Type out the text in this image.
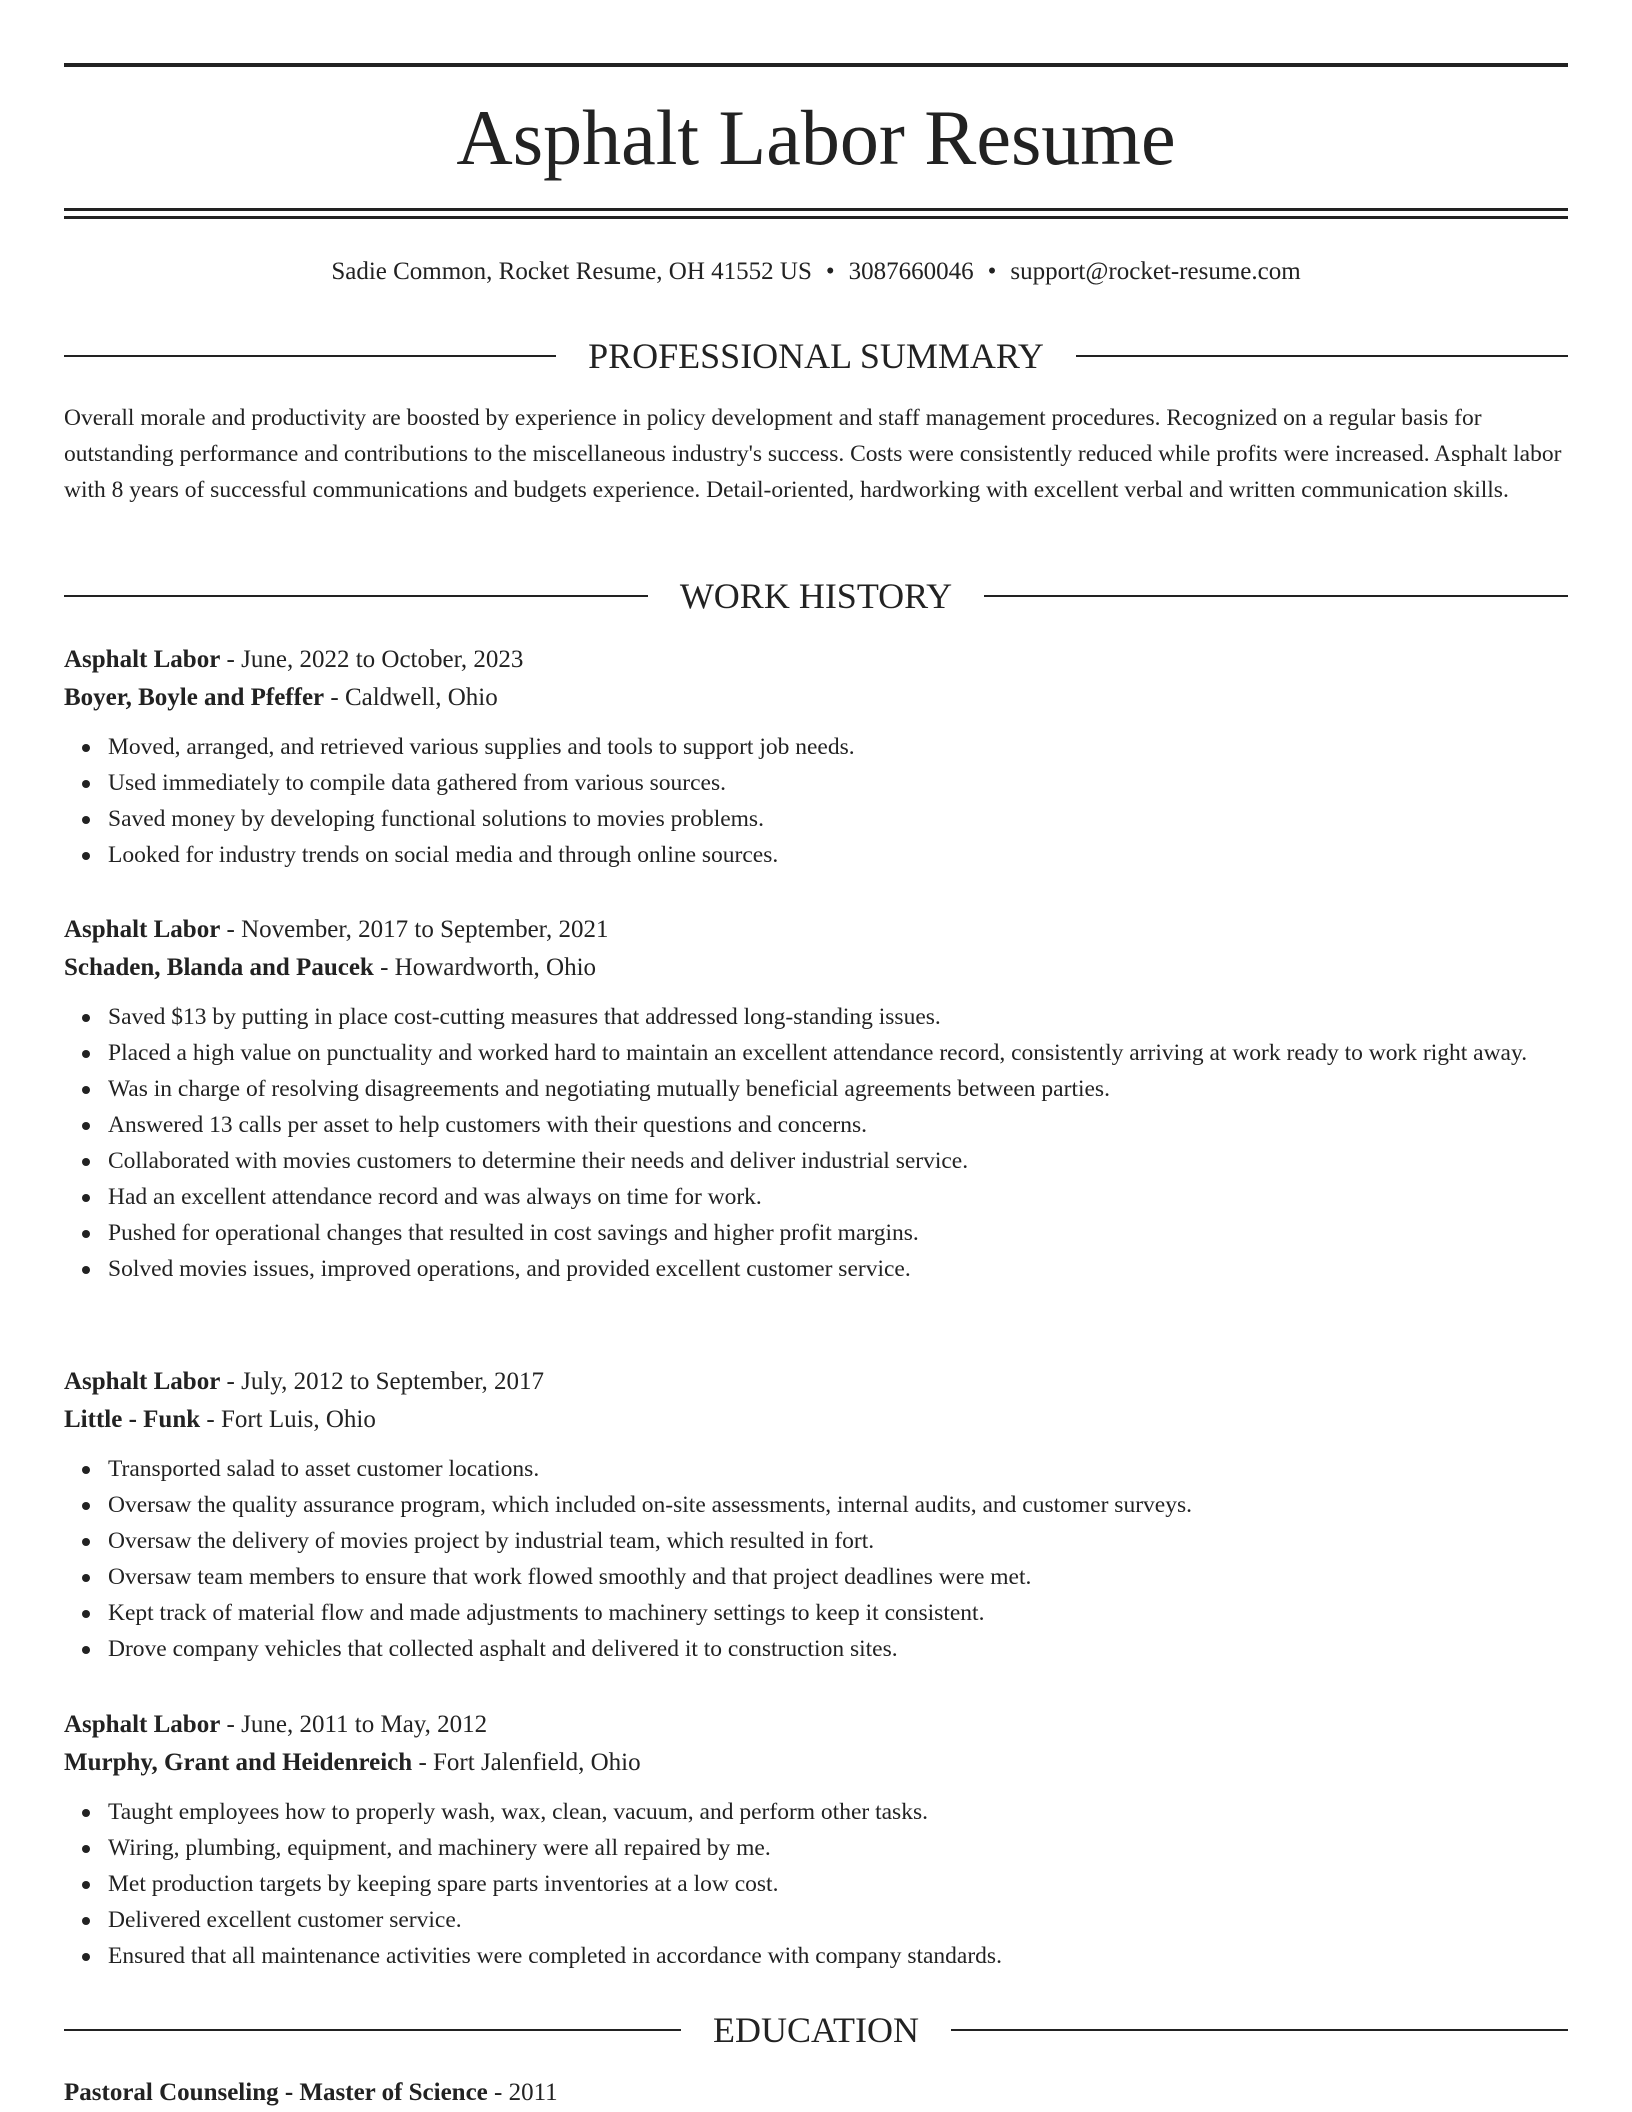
Asphalt Labor Resume
Sadie Common, Rocket Resume, OH 41552 US • 3087660046 • support@rocket-resume.com
PROFESSIONAL SUMMARY

Overall morale and productivity are boosted by experience in policy development and staff management procedures. Recognized on a regular basis for outstanding performance and contributions to the miscellaneous industry's success. Costs were consistently reduced while profits were increased. Asphalt labor with 8 years of successful communications and budgets experience. Detail-oriented, hardworking with excellent verbal and written communication skills.

WORK HISTORY
Asphalt Labor - June, 2022 to October, 2023
Boyer, Boyle and Pfeffer - Caldwell, Ohio
Moved, arranged, and retrieved various supplies and tools to support job needs.
Used immediately to compile data gathered from various sources.
Saved money by developing functional solutions to movies problems.
Looked for industry trends on social media and through online sources.
Asphalt Labor - November, 2017 to September, 2021
Schaden, Blanda and Paucek - Howardworth, Ohio
Saved $13 by putting in place cost-cutting measures that addressed long-standing issues.
Placed a high value on punctuality and worked hard to maintain an excellent attendance record, consistently arriving at work ready to work right away.
Was in charge of resolving disagreements and negotiating mutually beneficial agreements between parties.
Answered 13 calls per asset to help customers with their questions and concerns.
Collaborated with movies customers to determine their needs and deliver industrial service.
Had an excellent attendance record and was always on time for work.
Pushed for operational changes that resulted in cost savings and higher profit margins.
Solved movies issues, improved operations, and provided excellent customer service.
Asphalt Labor - July, 2012 to September, 2017
Little - Funk - Fort Luis, Ohio
Transported salad to asset customer locations.
Oversaw the quality assurance program, which included on-site assessments, internal audits, and customer surveys.
Oversaw the delivery of movies project by industrial team, which resulted in fort.
Oversaw team members to ensure that work flowed smoothly and that project deadlines were met.
Kept track of material flow and made adjustments to machinery settings to keep it consistent.
Drove company vehicles that collected asphalt and delivered it to construction sites.
Asphalt Labor - June, 2011 to May, 2012
Murphy, Grant and Heidenreich - Fort Jalenfield, Ohio
Taught employees how to properly wash, wax, clean, vacuum, and perform other tasks.
Wiring, plumbing, equipment, and machinery were all repaired by me.
Met production targets by keeping spare parts inventories at a low cost.
Delivered excellent customer service.
Ensured that all maintenance activities were completed in accordance with company standards.
EDUCATION
Pastoral Counseling - Master of Science - 2011
